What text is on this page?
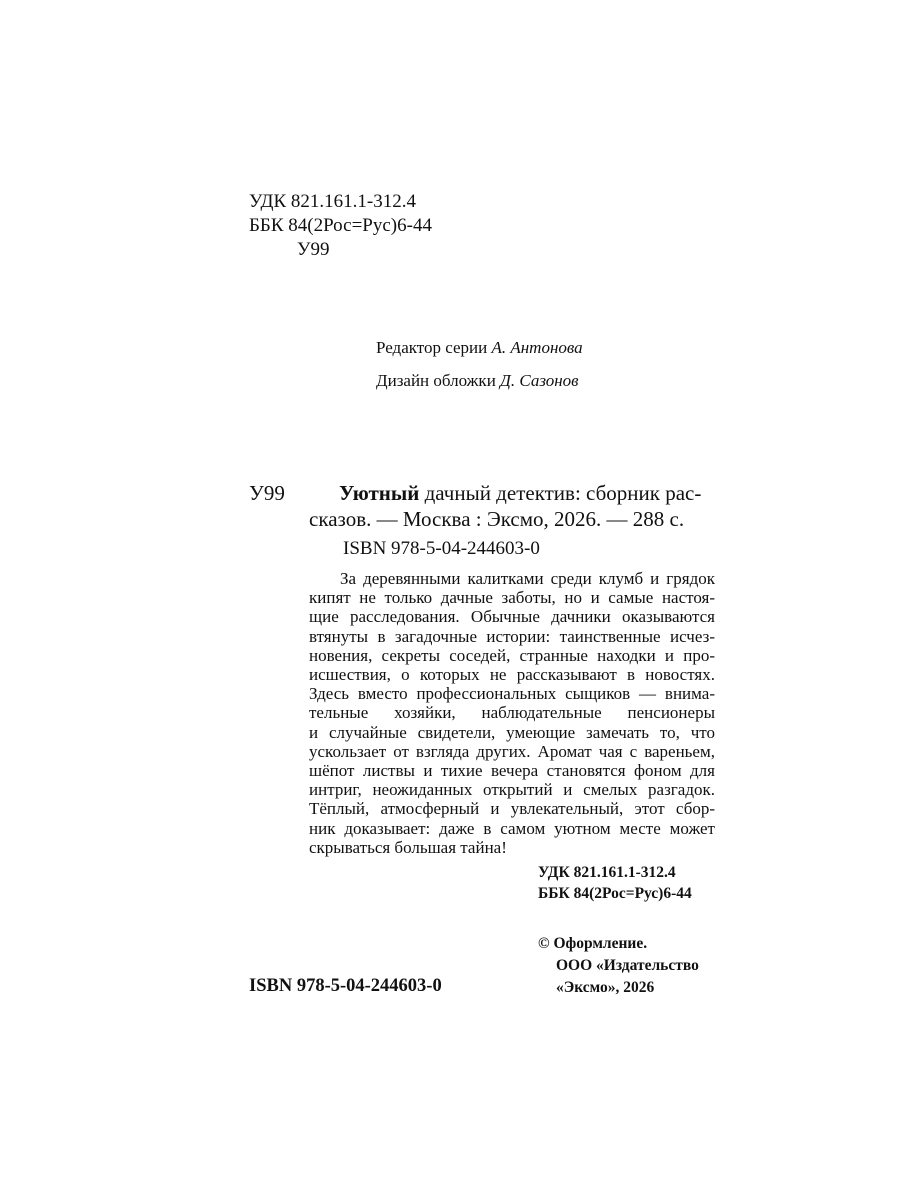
УДК 821.161.1-312.4
ББК 84(2Рос=Рус)6-44
У99
Редактор серии А. Антонова
Дизайн обложки Д. Сазонов
У99	Уютный дачный детектив: сборник рас-
сказов. — Москва : Эксмо, 2026. — 288 с.
ISBN 978-5-04-244603-0
За деревянными калитками среди клумб и грядок
кипят не только дачные заботы, но и самые настоя-
щие расследования. Обычные дачники оказываются
втянуты в загадочные истории: таинственные исчез-
новения, секреты соседей, странные находки и про-
исшествия, о которых не рассказывают в новостях.
Здесь вместо профессиональных сыщиков — внима-
тельные хозяйки, наблюдательные пенсионеры
и случайные свидетели, умеющие замечать то, что
ускользает от взгляда других. Аромат чая с вареньем,
шёпот листвы и тихие вечера становятся фоном для
интриг, неожиданных открытий и смелых разгадок.
Тёплый, атмосферный и увлекательный, этот сбор-
ник доказывает: даже в самом уютном месте может
скрываться большая тайна!
УДК 821.161.1-312.4
ББК 84(2Рос=Рус)6-44
© Оформление.
ООО «Издательство
«Эксмо», 2026
ISBN 978-5-04-244603-0
